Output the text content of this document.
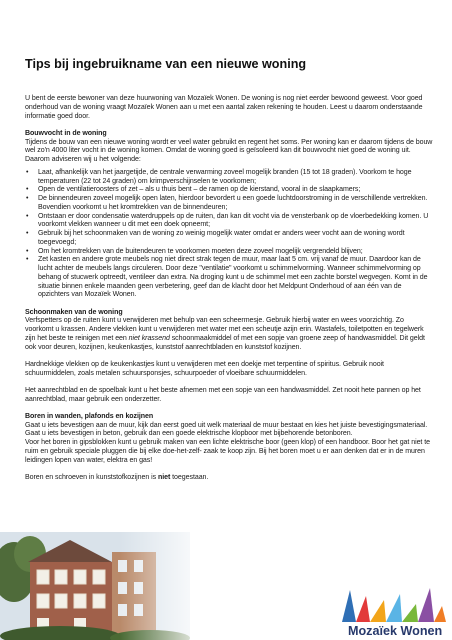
Tips bij ingebruikname van een nieuwe woning

U bent de eerste bewoner van deze huurwoning van Mozaïek Wonen. De woning is nog niet eerder bewoond geweest. Voor goed onderhoud van de woning vraagt Mozaïek Wonen aan u met een aantal zaken rekening te houden. Leest u daarom onderstaande informatie goed door.

Bouwvocht in de woning

Tijdens de bouw van een nieuwe woning wordt er veel water gebruikt en regent het soms. Per woning kan er daarom tijdens de bouw wel zo'n 4000 liter vocht in de woning komen. Omdat de woning goed is geïsoleerd kan dit bouwvocht niet goed de woning uit. Daarom adviseren wij u het volgende:

• Laat, afhankelijk van het jaargetijde, de centrale verwarming zoveel mogelijk branden (15 tot 18 graden). Voorkom te hoge temperaturen (22 tot 24 graden) om krimpverschijnselen te voorkomen;
• Open de ventilatieroosters of zet – als u thuis bent – de ramen op de kierstand, vooral in de slaapkamers;
• De binnendeuren zoveel mogelijk open laten, hierdoor bevordert u een goede luchtdoorstroming in de verschillende vertrekken. Bovendien voorkomt u het kromtrekken van de binnendeuren;
• Ontstaan er door condensatie waterdruppels op de ruiten, dan kan dit vocht via de vensterbank op de vloerbedekking komen. U voorkomt vlekken wanneer u dit met een doek opneemt;
• Gebruik bij het schoonmaken van de woning zo weinig mogelijk water omdat er anders weer vocht aan de woning wordt toegevoegd;
• Om het kromtrekken van de buitendeuren te voorkomen moeten deze zoveel mogelijk vergrendeld blijven;
• Zet kasten en andere grote meubels nog niet direct strak tegen de muur, maar laat 5 cm. vrij vanaf de muur. Daardoor kan de lucht achter de meubels langs circuleren. Door deze "ventilatie" voorkomt u schimmelvorming. Wanneer schimmelvorming op behang of stucwerk optreedt, ventileer dan extra. Na droging kunt u de schimmel met een zachte borstel wegvegen. Komt in de situatie binnen enkele maanden geen verbetering, geef dan de klacht door het Meldpunt Onderhoud of aan één van de opzichters van Mozaïek Wonen.
Schoonmaken van de woning

Verfspetters op de ruiten kunt u verwijderen met behulp van een scheermesje. Gebruik hierbij water en wees voorzichtig. Zo voorkomt u krassen. Andere vlekken kunt u verwijderen met water met een scheutje azijn erin. Wastafels, toiletpotten en tegelwerk zijn het beste te reinigen met een niet krassend schoonmaakmiddel of met een sopje van groene zeep of handwasmiddel. Dit geldt ook voor deuren, kozijnen, keukenkastjes, kunststof aanrechtbladen en kunststof kozijnen.

Hardnekkige vlekken op de keukenkastjes kunt u verwijderen met een doekje met terpentine of spiritus. Gebruik nooit schuurmiddelen, zoals metalen schuursponsjes, schuurpoeder of vloeibare schuurmiddelen.

Het aanrechtblad en de spoelbak kunt u het beste afnemen met een sopje van een handwasmiddel. Zet nooit hete pannen op het aanrechtblad, maar gebruik een onderzetter.

Boren in wanden, plafonds en kozijnen

Gaat u iets bevestigen aan de muur, kijk dan eerst goed uit welk materiaal de muur bestaat en kies het juiste bevestigingsmateriaal. Gaat u iets bevestigen in beton, gebruik dan een goede elektrische klopboor met bijbehorende betonboren.

Voor het boren in gipsblokken kunt u gebruik maken van een lichte elektrische boor (geen klop) of een handboor. Boor het gat niet te ruim en gebruik speciale pluggen die bij elke doe-het-zelf- zaak te koop zijn. Bij het boren moet u er aan denken dat er in de muren leidingen lopen van water, elektra en gas!

Boren en schroeven in kunststofkozijnen is niet toegestaan.

Mozaïek Wonen
